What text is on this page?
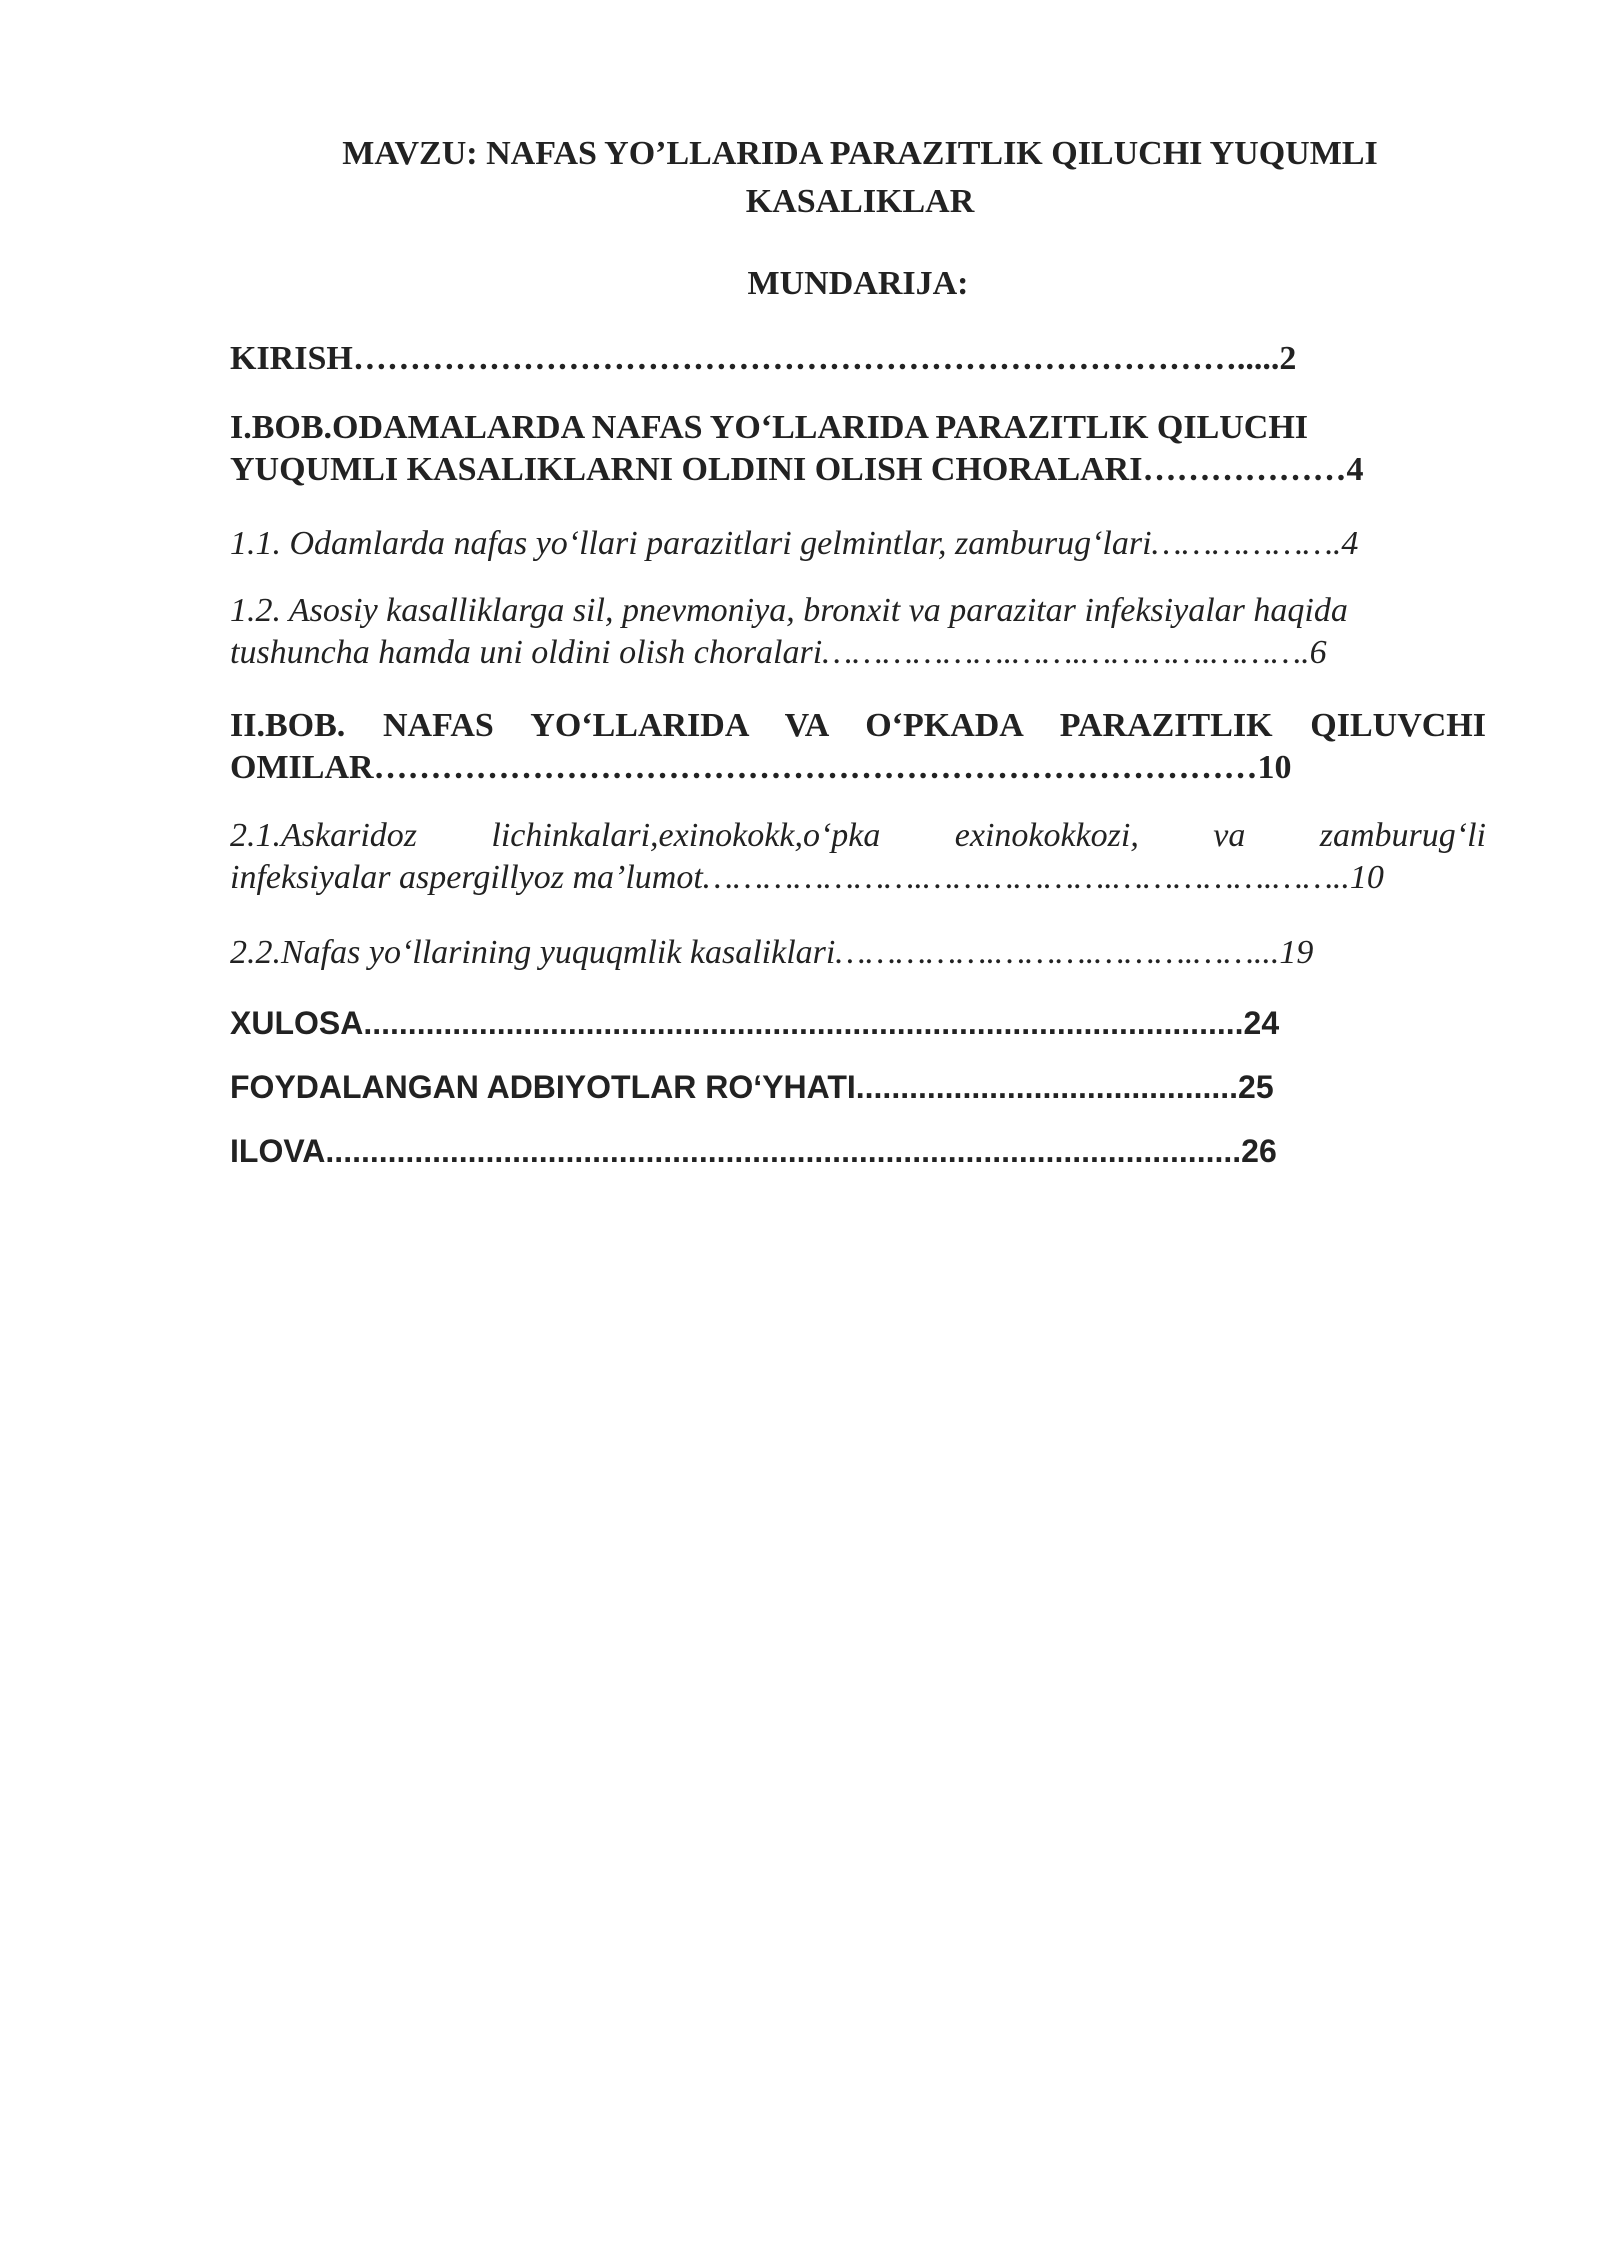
MAVZU: NAFAS YO’LLARIDA PARAZITLIK QILUCHI YUQUMLI
KASALIKLAR
MUNDARIJA:
KIRISH…………………………………………………………………….....2
I.BOB.ODAMALARDA NAFAS YO‘LLARIDA PARAZITLIK QILUCHI
YUQUMLI KASALIKLARNI OLDINI OLISH CHORALARI………………4
1.1. Odamlarda nafas yo‘llari parazitlari gelmintlar, zamburug‘lari……………….4
1.2. Asosiy kasalliklarga sil, pnevmoniya, bronxit va parazitar infeksiyalar haqida
tushuncha hamda uni oldini olish choralari……………….…….………….……….6
II.BOB. NAFAS YO‘LLARIDA VA O‘PKADA PARAZITLIK QILUVCHI
OMILAR……………………………………………………………………10
2.1.Askaridoz lichinkalari,exinokokk,o‘pka exinokokkozi, va zamburug‘li
infeksiyalar aspergillyoz ma’lumot………………….……………….…………….……..10
2.2.Nafas yo‘llarining yuquqmlik kasaliklari…………….……….……….……...19
XULOSA...................................................................................................24
FOYDALANGAN ADBIYOTLAR RO‘YHATI...........................................25
ILOVA.......................................................................................................26
